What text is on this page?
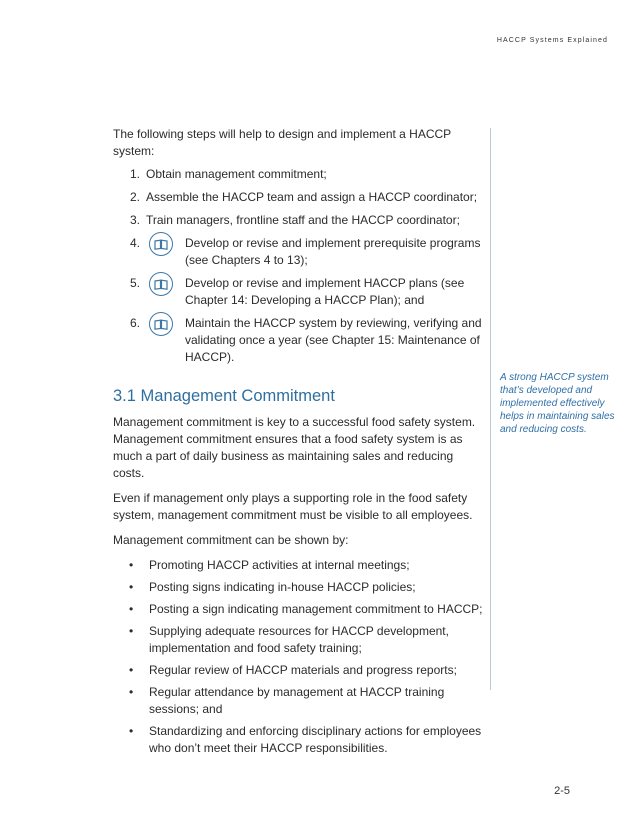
HACCP Systems Explained

The following steps will help to design and implement a HACCP system:

1. Obtain management commitment;
2. Assemble the HACCP team and assign a HACCP coordinator;
3. Train managers, frontline staff and the HACCP coordinator;
4.	Develop or revise and implement prerequisite programs (see Chapters 4 to 13);
5.	Develop or revise and implement HACCP plans (see Chapter 14: Developing a HACCP Plan); and
6.	Maintain the HACCP system by reviewing, verifying and validating once a year (see Chapter 15: Maintenance of HACCP).
3.1 Management Commitment

Management commitment is key to a successful food safety system. Management commitment ensures that a food safety system is as much a part of daily business as maintaining sales and reducing costs.

Even if management only plays a supporting role in the food safety system, management commitment must be visible to all employees.

Management commitment can be shown by:

•	Promoting HACCP activities at internal meetings;
•	Posting signs indicating in-house HACCP policies;
•	Posting a sign indicating management commitment to HACCP;
•	Supplying adequate resources for HACCP development, implementation and food safety training;
•	Regular review of HACCP materials and progress reports;
•	Regular attendance by management at HACCP training sessions; and
•	Standardizing and enforcing disciplinary actions for employees who don’t meet their HACCP responsibilities.
A strong HACCP system that’s developed and implemented effectively helps in maintaining sales and reducing costs.
2-5
